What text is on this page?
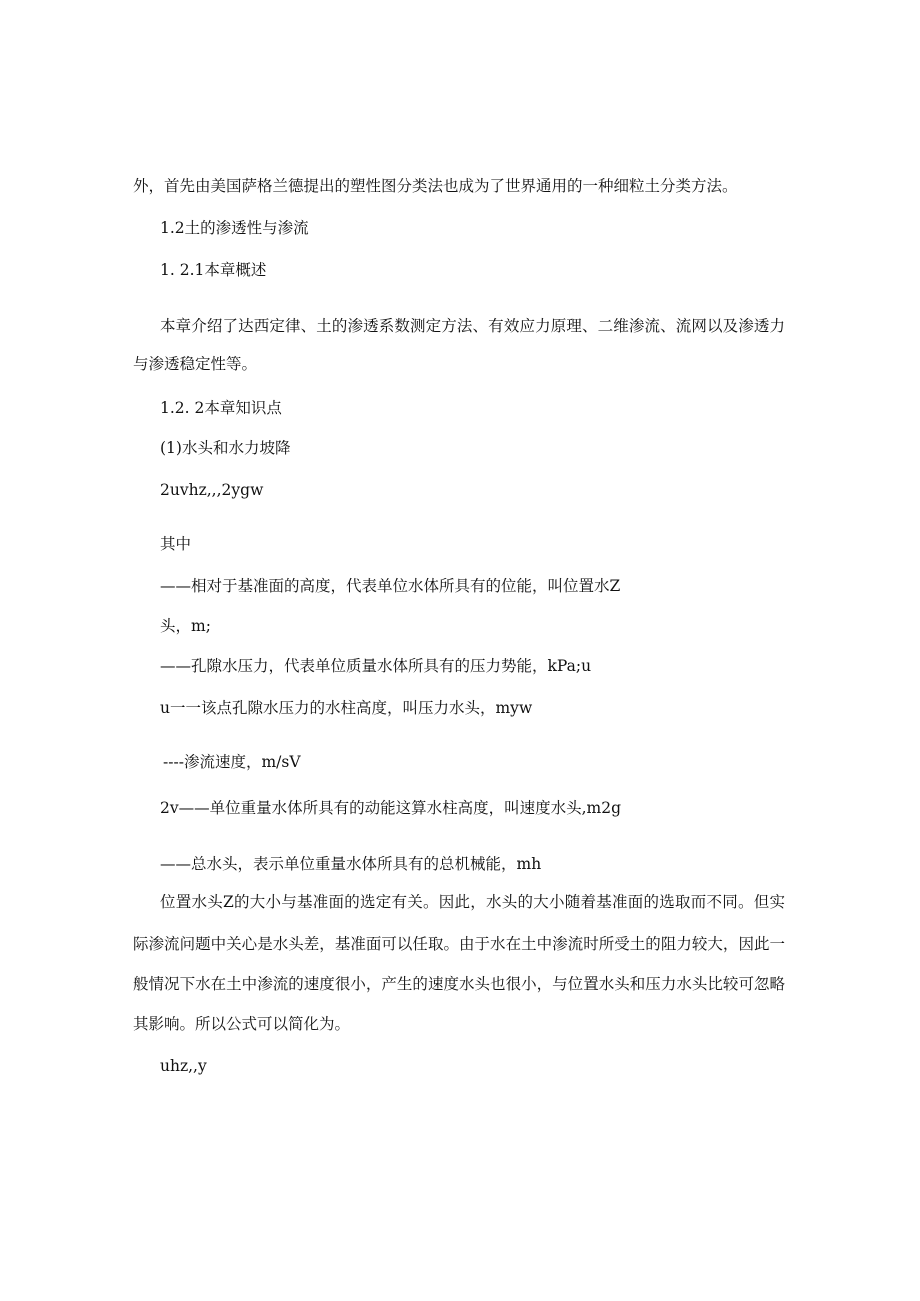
外，首先由美国萨格兰德提出的塑性图分类法也成为了世界通用的一种细粒土分类方法。
1.2土的渗透性与渗流
1. 2.1本章概述
本章介绍了达西定律、土的渗透系数测定方法、有效应力原理、二维渗流、流网以及渗透力
与渗透稳定性等。
1.2. 2本章知识点
(1)水头和水力坡降
2uvhz,,,2ygw
其中
——相对于基准面的高度，代表单位水体所具有的位能，叫位置水Z
头，m;
——孔隙水压力，代表单位质量水体所具有的压力势能，kPa;u
u一一该点孔隙水压力的水柱高度，叫压力水头，myw
----渗流速度，m/sV
2v——单位重量水体所具有的动能这算水柱高度，叫速度水头,m2g
——总水头，表示单位重量水体所具有的总机械能，mh
位置水头Z的大小与基准面的选定有关。因此，水头的大小随着基准面的选取而不同。但实
际渗流问题中关心是水头差，基准面可以任取。由于水在土中渗流时所受土的阻力较大，因此一
般情况下水在土中渗流的速度很小，产生的速度水头也很小，与位置水头和压力水头比较可忽略
其影响。所以公式可以简化为。
uhz,,y
